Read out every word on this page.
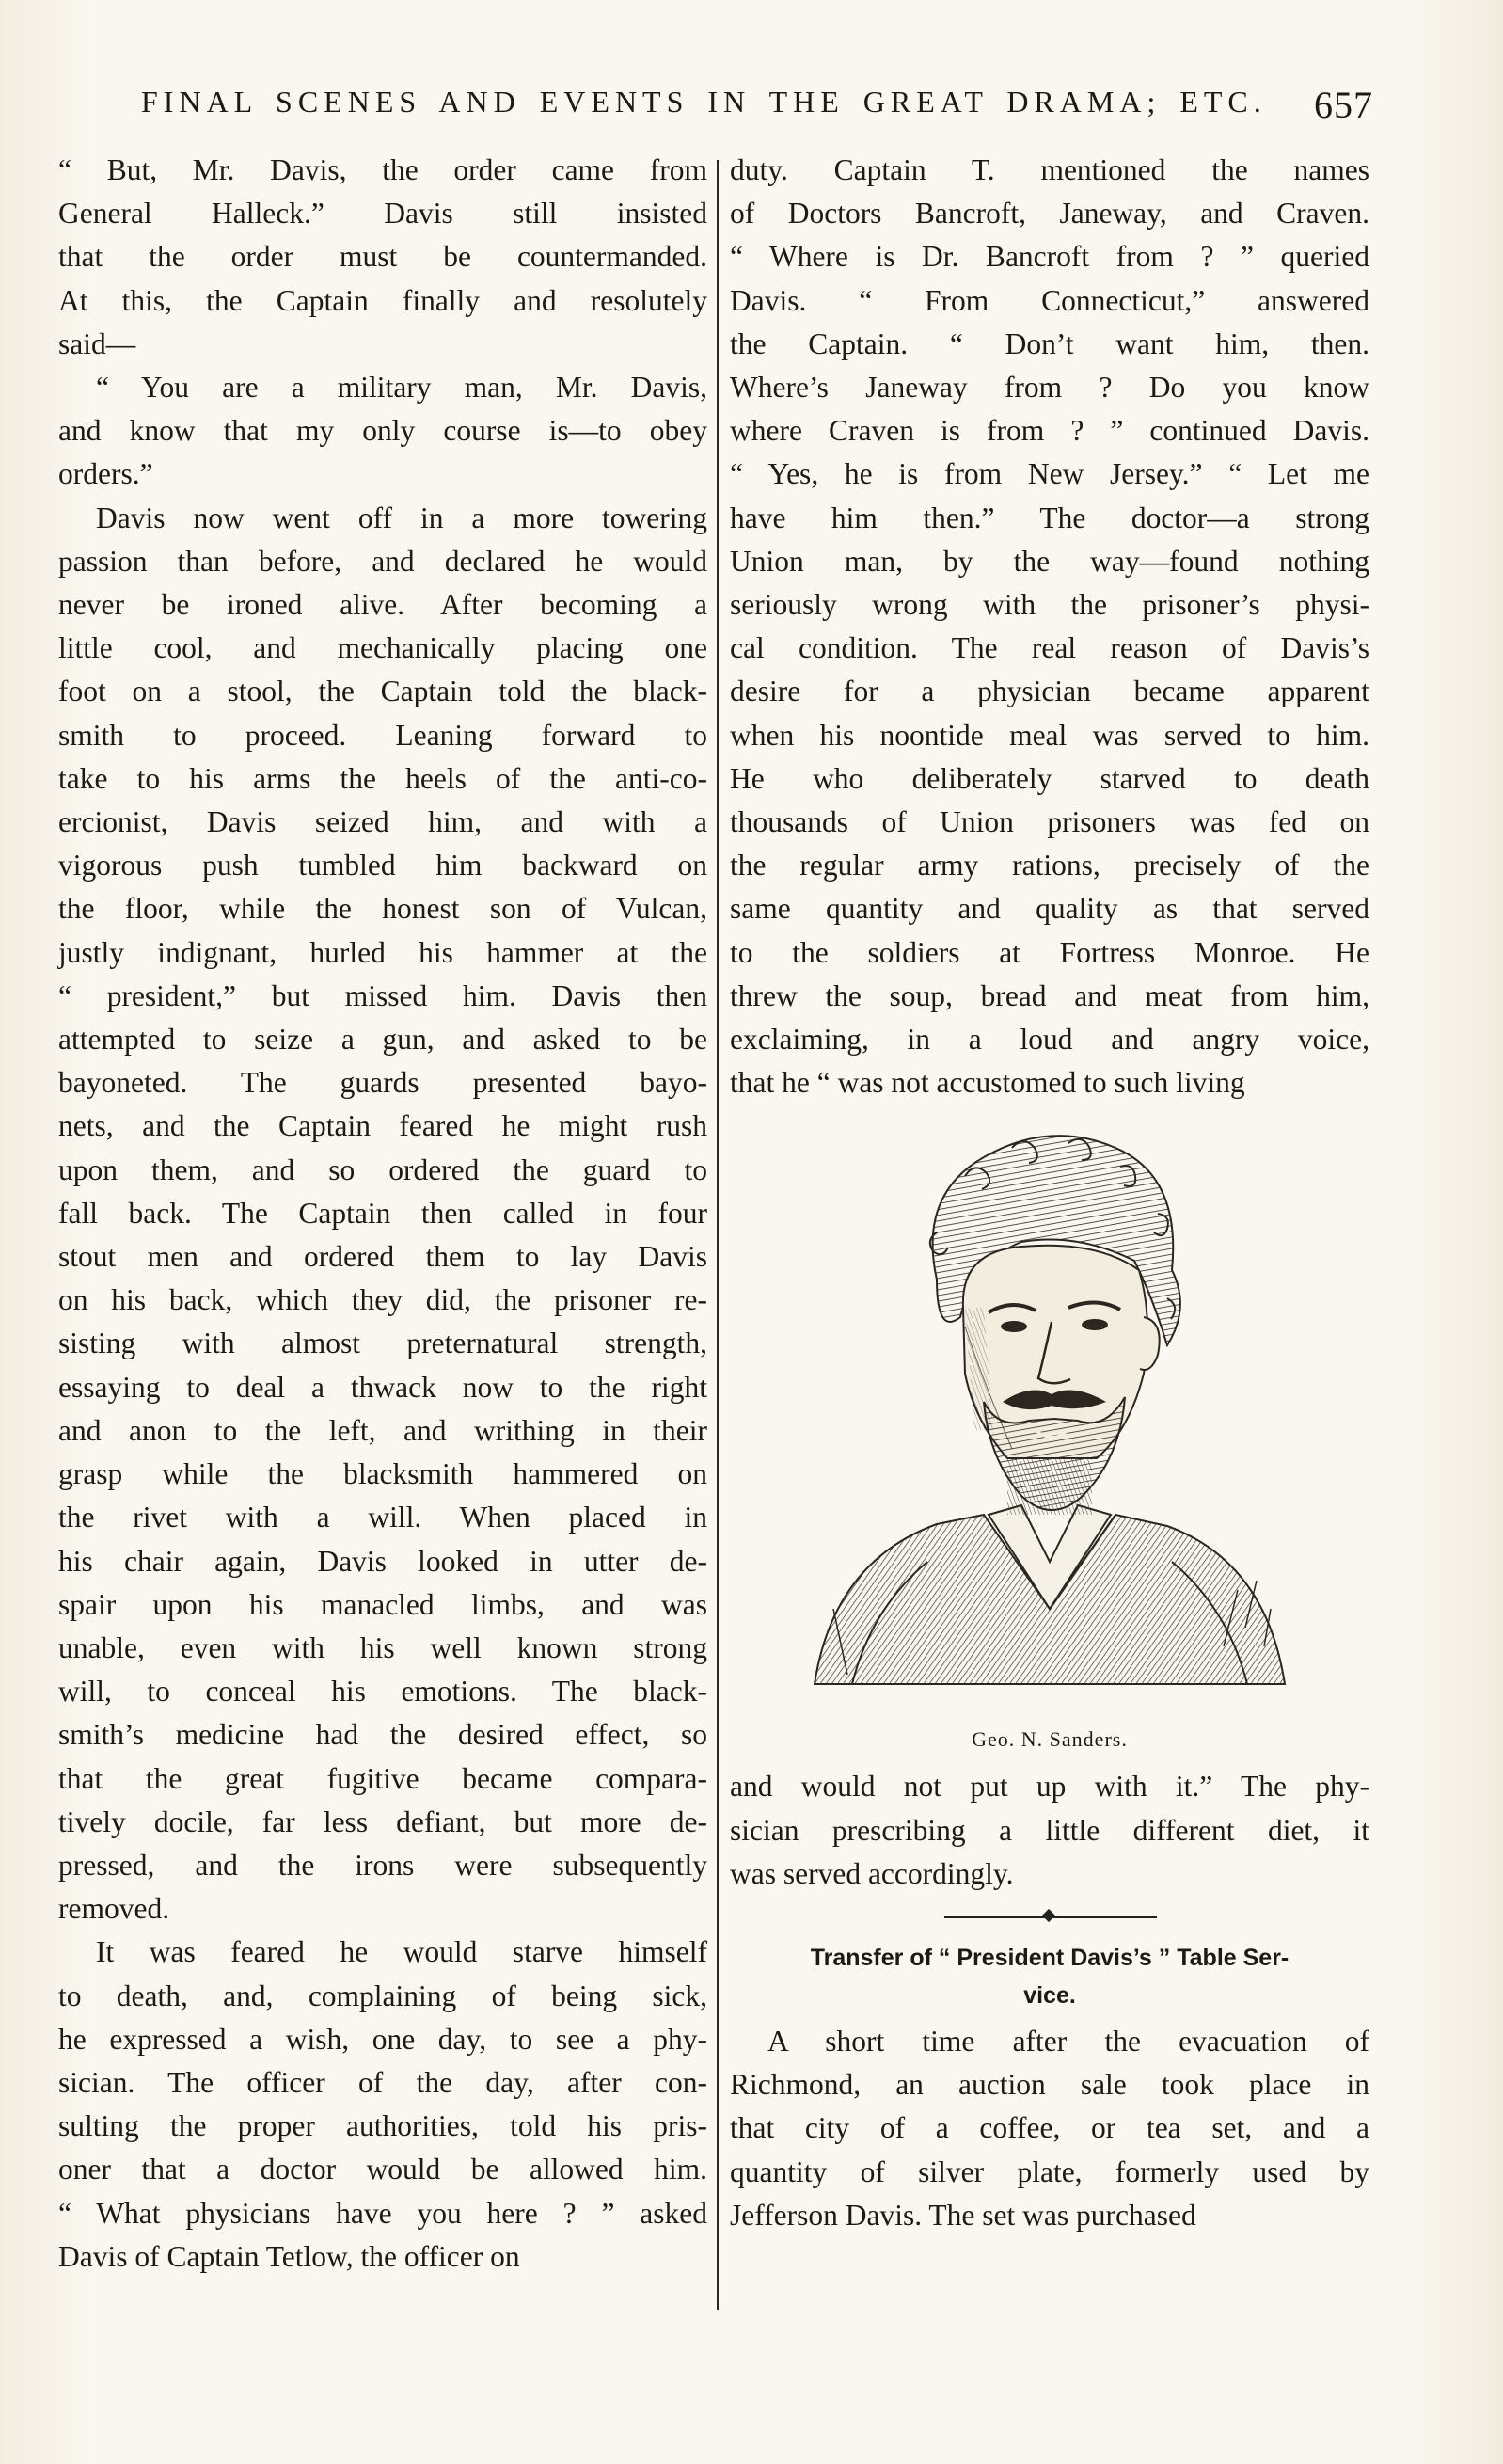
FINAL SCENES AND EVENTS IN THE GREAT DRAMA; ETC. 657
“ But, Mr. Davis, the order came from
General Halleck.” Davis still insisted
that the order must be countermanded.
At this, the Captain finally and resolutely
said—
“ You are a military man, Mr. Davis,
and know that my only course is—to obey
orders.”
Davis now went off in a more towering
passion than before, and declared he would
never be ironed alive. After becoming a
little cool, and mechanically placing one
foot on a stool, the Captain told the black-
smith to proceed. Leaning forward to
take to his arms the heels of the anti-co-
ercionist, Davis seized him, and with a
vigorous push tumbled him backward on
the floor, while the honest son of Vulcan,
justly indignant, hurled his hammer at the
“ president,” but missed him. Davis then
attempted to seize a gun, and asked to be
bayoneted. The guards presented bayo-
nets, and the Captain feared he might rush
upon them, and so ordered the guard to
fall back. The Captain then called in four
stout men and ordered them to lay Davis
on his back, which they did, the prisoner re-
sisting with almost preternatural strength,
essaying to deal a thwack now to the right
and anon to the left, and writhing in their
grasp while the blacksmith hammered on
the rivet with a will. When placed in
his chair again, Davis looked in utter de-
spair upon his manacled limbs, and was
unable, even with his well known strong
will, to conceal his emotions. The black-
smith’s medicine had the desired effect, so
that the great fugitive became compara-
tively docile, far less defiant, but more de-
pressed, and the irons were subsequently
removed.
It was feared he would starve himself
to death, and, complaining of being sick,
he expressed a wish, one day, to see a phy-
sician. The officer of the day, after con-
sulting the proper authorities, told his pris-
oner that a doctor would be allowed him.
“ What physicians have you here ? ” asked
Davis of Captain Tetlow, the officer on
duty. Captain T. mentioned the names
of Doctors Bancroft, Janeway, and Craven.
“ Where is Dr. Bancroft from ? ” queried
Davis. “ From Connecticut,” answered
the Captain. “ Don’t want him, then.
Where’s Janeway from ? Do you know
where Craven is from ? ” continued Davis.
“ Yes, he is from New Jersey.” “ Let me
have him then.” The doctor—a strong
Union man, by the way—found nothing
seriously wrong with the prisoner’s physi-
cal condition. The real reason of Davis’s
desire for a physician became apparent
when his noontide meal was served to him.
He who deliberately starved to death
thousands of Union prisoners was fed on
the regular army rations, precisely of the
same quantity and quality as that served
to the soldiers at Fortress Monroe. He
threw the soup, bread and meat from him,
exclaiming, in a loud and angry voice,
that he “ was not accustomed to such living
Geo. N. Sanders.
and would not put up with it.” The phy-
sician prescribing a little different diet, it
was served accordingly.
Transfer of “ President Davis’s ” Table Ser-
vice.
A short time after the evacuation of
Richmond, an auction sale took place in
that city of a coffee, or tea set, and a
quantity of silver plate, formerly used by
Jefferson Davis. The set was purchased
